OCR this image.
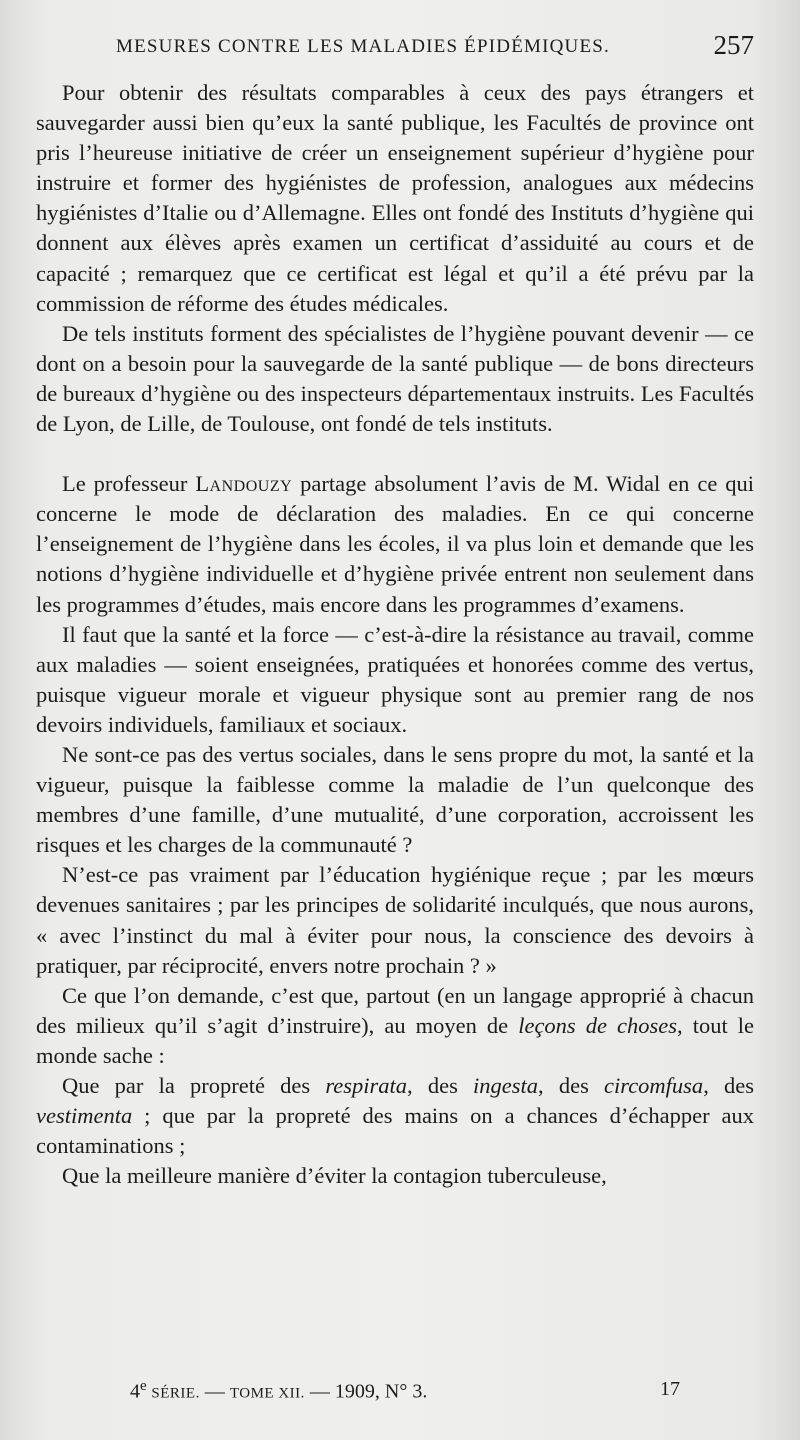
MESURES CONTRE LES MALADIES ÉPIDÉMIQUES.	257

Pour obtenir des résultats comparables à ceux des pays étrangers et sauvegarder aussi bien qu’eux la santé publique, les Facultés de province ont pris l’heureuse initiative de créer un enseignement supérieur d’hygiène pour instruire et former des hygiénistes de profession, analogues aux médecins hygiénistes d’Italie ou d’Allemagne. Elles ont fondé des Instituts d’hygiène qui donnent aux élèves après examen un certificat d’assiduité au cours et de capacité ; remarquez que ce certificat est légal et qu’il a été prévu par la commission de réforme des études médicales.

De tels instituts forment des spécialistes de l’hygiène pouvant devenir — ce dont on a besoin pour la sauvegarde de la santé publique — de bons directeurs de bureaux d’hygiène ou des inspecteurs départementaux instruits. Les Facultés de Lyon, de Lille, de Toulouse, ont fondé de tels instituts.

Le professeur Landouzy partage absolument l’avis de M. Widal en ce qui concerne le mode de déclaration des maladies. En ce qui concerne l’enseignement de l’hygiène dans les écoles, il va plus loin et demande que les notions d’hygiène individuelle et d’hygiène privée entrent non seulement dans les programmes d’études, mais encore dans les programmes d’examens.

Il faut que la santé et la force — c’est-à-dire la résistance au travail, comme aux maladies — soient enseignées, pratiquées et honorées comme des vertus, puisque vigueur morale et vigueur physique sont au premier rang de nos devoirs individuels, familiaux et sociaux.

Ne sont-ce pas des vertus sociales, dans le sens propre du mot, la santé et la vigueur, puisque la faiblesse comme la maladie de l’un quelconque des membres d’une famille, d’une mutualité, d’une corporation, accroissent les risques et les charges de la communauté ?

N’est-ce pas vraiment par l’éducation hygiénique reçue ; par les mœurs devenues sanitaires ; par les principes de solidarité inculqués, que nous aurons, « avec l’instinct du mal à éviter pour nous, la conscience des devoirs à pratiquer, par réciprocité, envers notre prochain ? »

Ce que l’on demande, c’est que, partout (en un langage approprié à chacun des milieux qu’il s’agit d’instruire), au moyen de leçons de choses, tout le monde sache :

Que par la propreté des respirata, des ingesta, des circomfusa, des vestimenta ; que par la propreté des mains on a chances d’échapper aux contaminations ;

Que la meilleure manière d’éviter la contagion tuberculeuse,

4e SÉRIE. — TOME XII. — 1909, N° 3.	17
